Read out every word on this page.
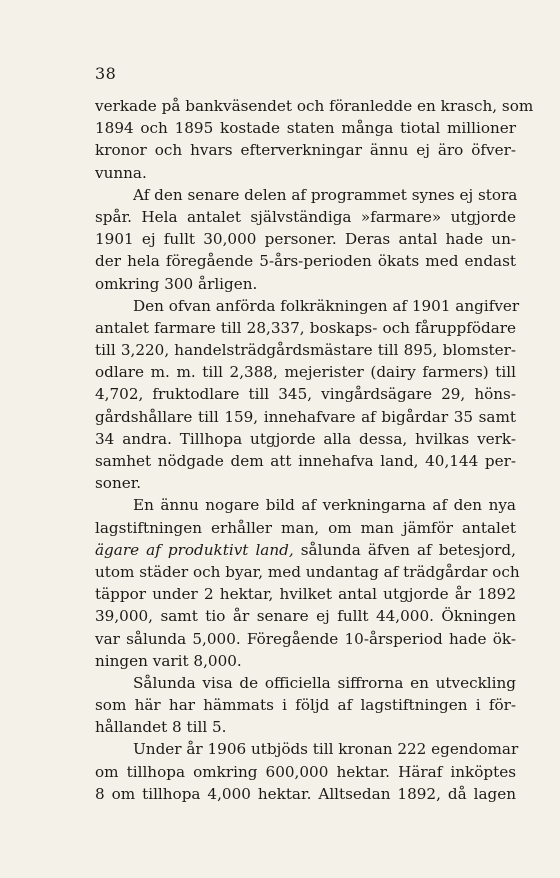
38
verkade på bankväsendet och föranledde en krasch, som
1894 och 1895 kostade staten många tiotal millioner
kronor och hvars efterverkningar ännu ej äro öfver-
vunna.
Af den senare delen af programmet synes ej stora
spår. Hela antalet självständiga »farmare» utgjorde
1901 ej fullt 30,000 personer. Deras antal hade un-
der hela föregående 5-års-perioden ökats med endast
omkring 300 årligen.
Den ofvan anförda folkräkningen af 1901 angifver
antalet farmare till 28,337, boskaps- och fåruppfödare
till 3,220, handelsträdgårdsmästare till 895, blomster-
odlare m. m. till 2,388, mejerister (dairy farmers) till
4,702, fruktodlare till 345, vingårdsägare 29, höns-
gårdshållare till 159, innehafvare af bigårdar 35 samt
34 andra. Tillhopa utgjorde alla dessa, hvilkas verk-
samhet nödgade dem att innehafva land, 40,144 per-
soner.
En ännu nogare bild af verkningarna af den nya
lagstiftningen erhåller man, om man jämför antalet
ägare af produktivt land, sålunda äfven af betesjord,
utom städer och byar, med undantag af trädgårdar och
täppor under 2 hektar, hvilket antal utgjorde år 1892
39,000, samt tio år senare ej fullt 44,000. Ökningen
var sålunda 5,000. Föregående 10-årsperiod hade ök-
ningen varit 8,000.
Sålunda visa de officiella siffrorna en utveckling
som här har hämmats i följd af lagstiftningen i för-
hållandet 8 till 5.
Under år 1906 utbjöds till kronan 222 egendomar
om tillhopa omkring 600,000 hektar. Häraf inköptes
8 om tillhopa 4,000 hektar. Alltsedan 1892, då lagen
